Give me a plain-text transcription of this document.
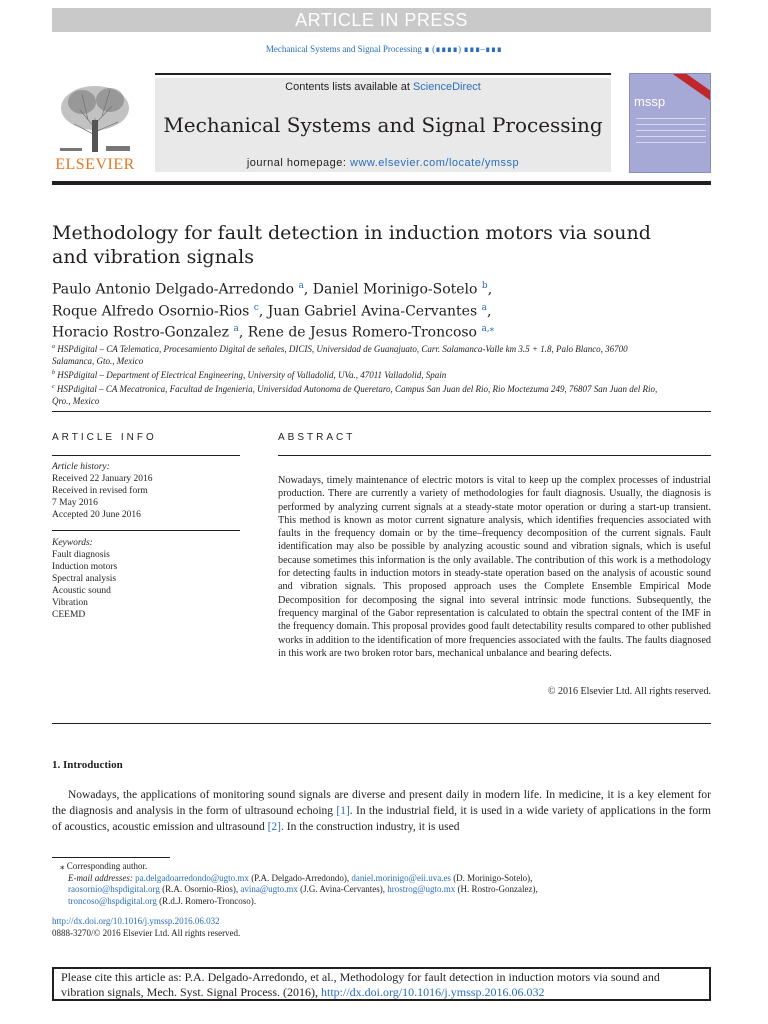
ARTICLE IN PRESS
Mechanical Systems and Signal Processing ∎ (∎∎∎∎) ∎∎∎–∎∎∎
ELSEVIER
Contents lists available at ScienceDirect
Mechanical Systems and Signal Processing
journal homepage: www.elsevier.com/locate/ymssp
mssp
Methodology for fault detection in induction motors via sound and vibration signals
Paulo Antonio Delgado-Arredondo $^a$, Daniel Morinigo-Sotelo $^b$,
Roque Alfredo Osornio-Rios $^c$, Juan Gabriel Avina-Cervantes $^a$,
Horacio Rostro-Gonzalez $^a$, Rene de Jesus Romero-Troncoso $^{a,⁎}$
$^a$ HSPdigital – CA Telematica, Procesamiento Digital de señales, DICIS, Universidad de Guanajuato, Carr. Salamanca-Valle km 3.5 + 1.8, Palo Blanco, 36700 Salamanca, Gto., Mexico
$^b$ HSPdigital – Department of Electrical Engineering, University of Valladolid, UVa., 47011 Valladolid, Spain
$^c$ HSPdigital – CA Mecatronica, Facultad de Ingenieria, Universidad Autonoma de Queretaro, Campus San Juan del Rio, Rio Moctezuma 249, 76807 San Juan del Rio, Qro., Mexico
ARTICLE INFO
Article history:
Received 22 January 2016
Received in revised form
7 May 2016
Accepted 20 June 2016
Keywords:
Fault diagnosis
Induction motors
Spectral analysis
Acoustic sound
Vibration
CEEMD
ABSTRACT
Nowadays, timely maintenance of electric motors is vital to keep up the complex processes of industrial production. There are currently a variety of methodologies for fault diagnosis. Usually, the diagnosis is performed by analyzing current signals at a steady-state motor operation or during a start-up transient. This method is known as motor current signature analysis, which identifies frequencies associated with faults in the frequency domain or by the time–frequency decomposition of the current signals. Fault identification may also be possible by analyzing acoustic sound and vibration signals, which is useful because sometimes this information is the only available. The contribution of this work is a methodology for detecting faults in induction motors in steady-state operation based on the analysis of acoustic sound and vibration signals. This proposed approach uses the Complete Ensemble Empirical Mode Decomposition for decomposing the signal into several intrinsic mode functions. Subsequently, the frequency marginal of the Gabor representation is calculated to obtain the spectral content of the IMF in the frequency domain. This proposal provides good fault detectability results compared to other published works in addition to the identification of more frequencies associated with the faults. The faults diagnosed in this work are two broken rotor bars, mechanical unbalance and bearing defects.
© 2016 Elsevier Ltd. All rights reserved.
1. Introduction
Nowadays, the applications of monitoring sound signals are diverse and present daily in modern life. In medicine, it is a key element for the diagnosis and analysis in the form of ultrasound echoing [1]. In the industrial field, it is used in a wide variety of applications in the form of acoustics, acoustic emission and ultrasound [2]. In the construction industry, it is used
⁎ Corresponding author.
E-mail addresses: pa.delgadoarredondo@ugto.mx (P.A. Delgado-Arredondo), daniel.morinigo@eii.uva.es (D. Morinigo-Sotelo),
raosornio@hspdigital.org (R.A. Osornio-Rios), avina@ugto.mx (J.G. Avina-Cervantes), hrostrog@ugto.mx (H. Rostro-Gonzalez),
troncoso@hspdigital.org (R.d.J. Romero-Troncoso).
http://dx.doi.org/10.1016/j.ymssp.2016.06.032
0888-3270/© 2016 Elsevier Ltd. All rights reserved.
Please cite this article as: P.A. Delgado-Arredondo, et al., Methodology for fault detection in induction motors via sound and vibration signals, Mech. Syst. Signal Process. (2016), http://dx.doi.org/10.1016/j.ymssp.2016.06.032
